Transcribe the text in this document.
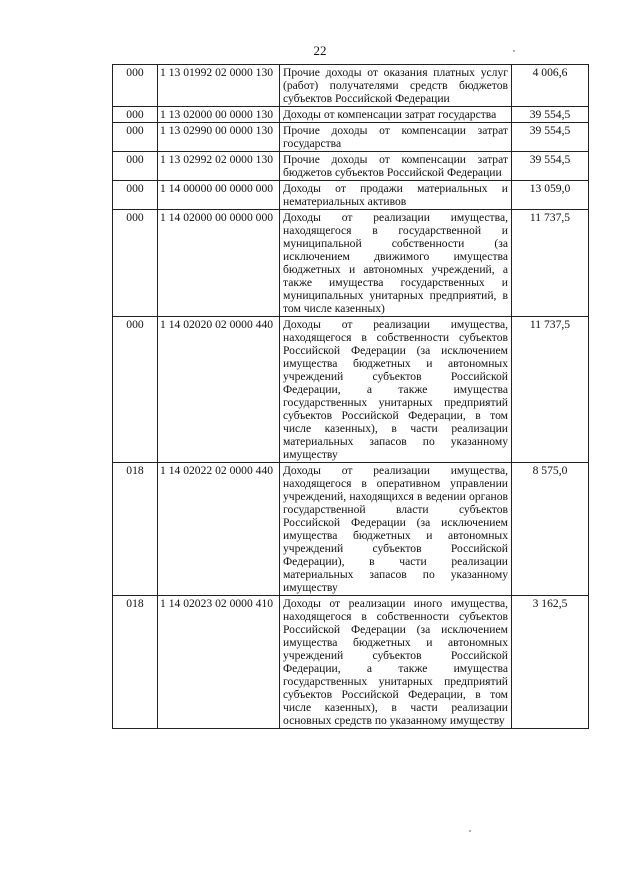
22
000	1 13 01992 02 0000 130	Прочие доходы от оказания платных услуг (работ) получателями средств бюджетов субъектов Российской Федерации	4 006,6
000	1 13 02000 00 0000 130	Доходы от компенсации затрат государства	39 554,5
000	1 13 02990 00 0000 130	Прочие доходы от компенсации затрат государства	39 554,5
000	1 13 02992 02 0000 130	Прочие доходы от компенсации затрат бюджетов субъектов Российской Федерации	39 554,5
000	1 14 00000 00 0000 000	Доходы от продажи материальных и нематериальных активов	13 059,0
000	1 14 02000 00 0000 000	Доходы от реализации имущества, находящегося в государственной и муниципальной собственности (за исключением движимого имущества бюджетных и автономных учреждений, а также имущества государственных и муниципальных унитарных предприятий, в том числе казенных)	11 737,5
000	1 14 02020 02 0000 440	Доходы от реализации имущества, находящегося в собственности субъектов Российской Федерации (за исключением имущества бюджетных и автономных учреждений субъектов Российской Федерации, а также имущества государственных унитарных предприятий субъектов Российской Федерации, в том числе казенных), в части реализации материальных запасов по указанному имуществу	11 737,5
018	1 14 02022 02 0000 440	Доходы от реализации имущества, находящегося в оперативном управлении учреждений, находящихся в ведении органов государственной власти субъектов Российской Федерации (за исключением имущества бюджетных и автономных учреждений субъектов Российской Федерации), в части реализации материальных запасов по указанному имуществу	8 575,0
018	1 14 02023 02 0000 410	Доходы от реализации иного имущества, находящегося в собственности субъектов Российской Федерации (за исключением имущества бюджетных и автономных учреждений субъектов Российской Федерации, а также имущества государственных унитарных предприятий субъектов Российской Федерации, в том числе казенных), в части реализации основных средств по указанному имуществу	3 162,5
